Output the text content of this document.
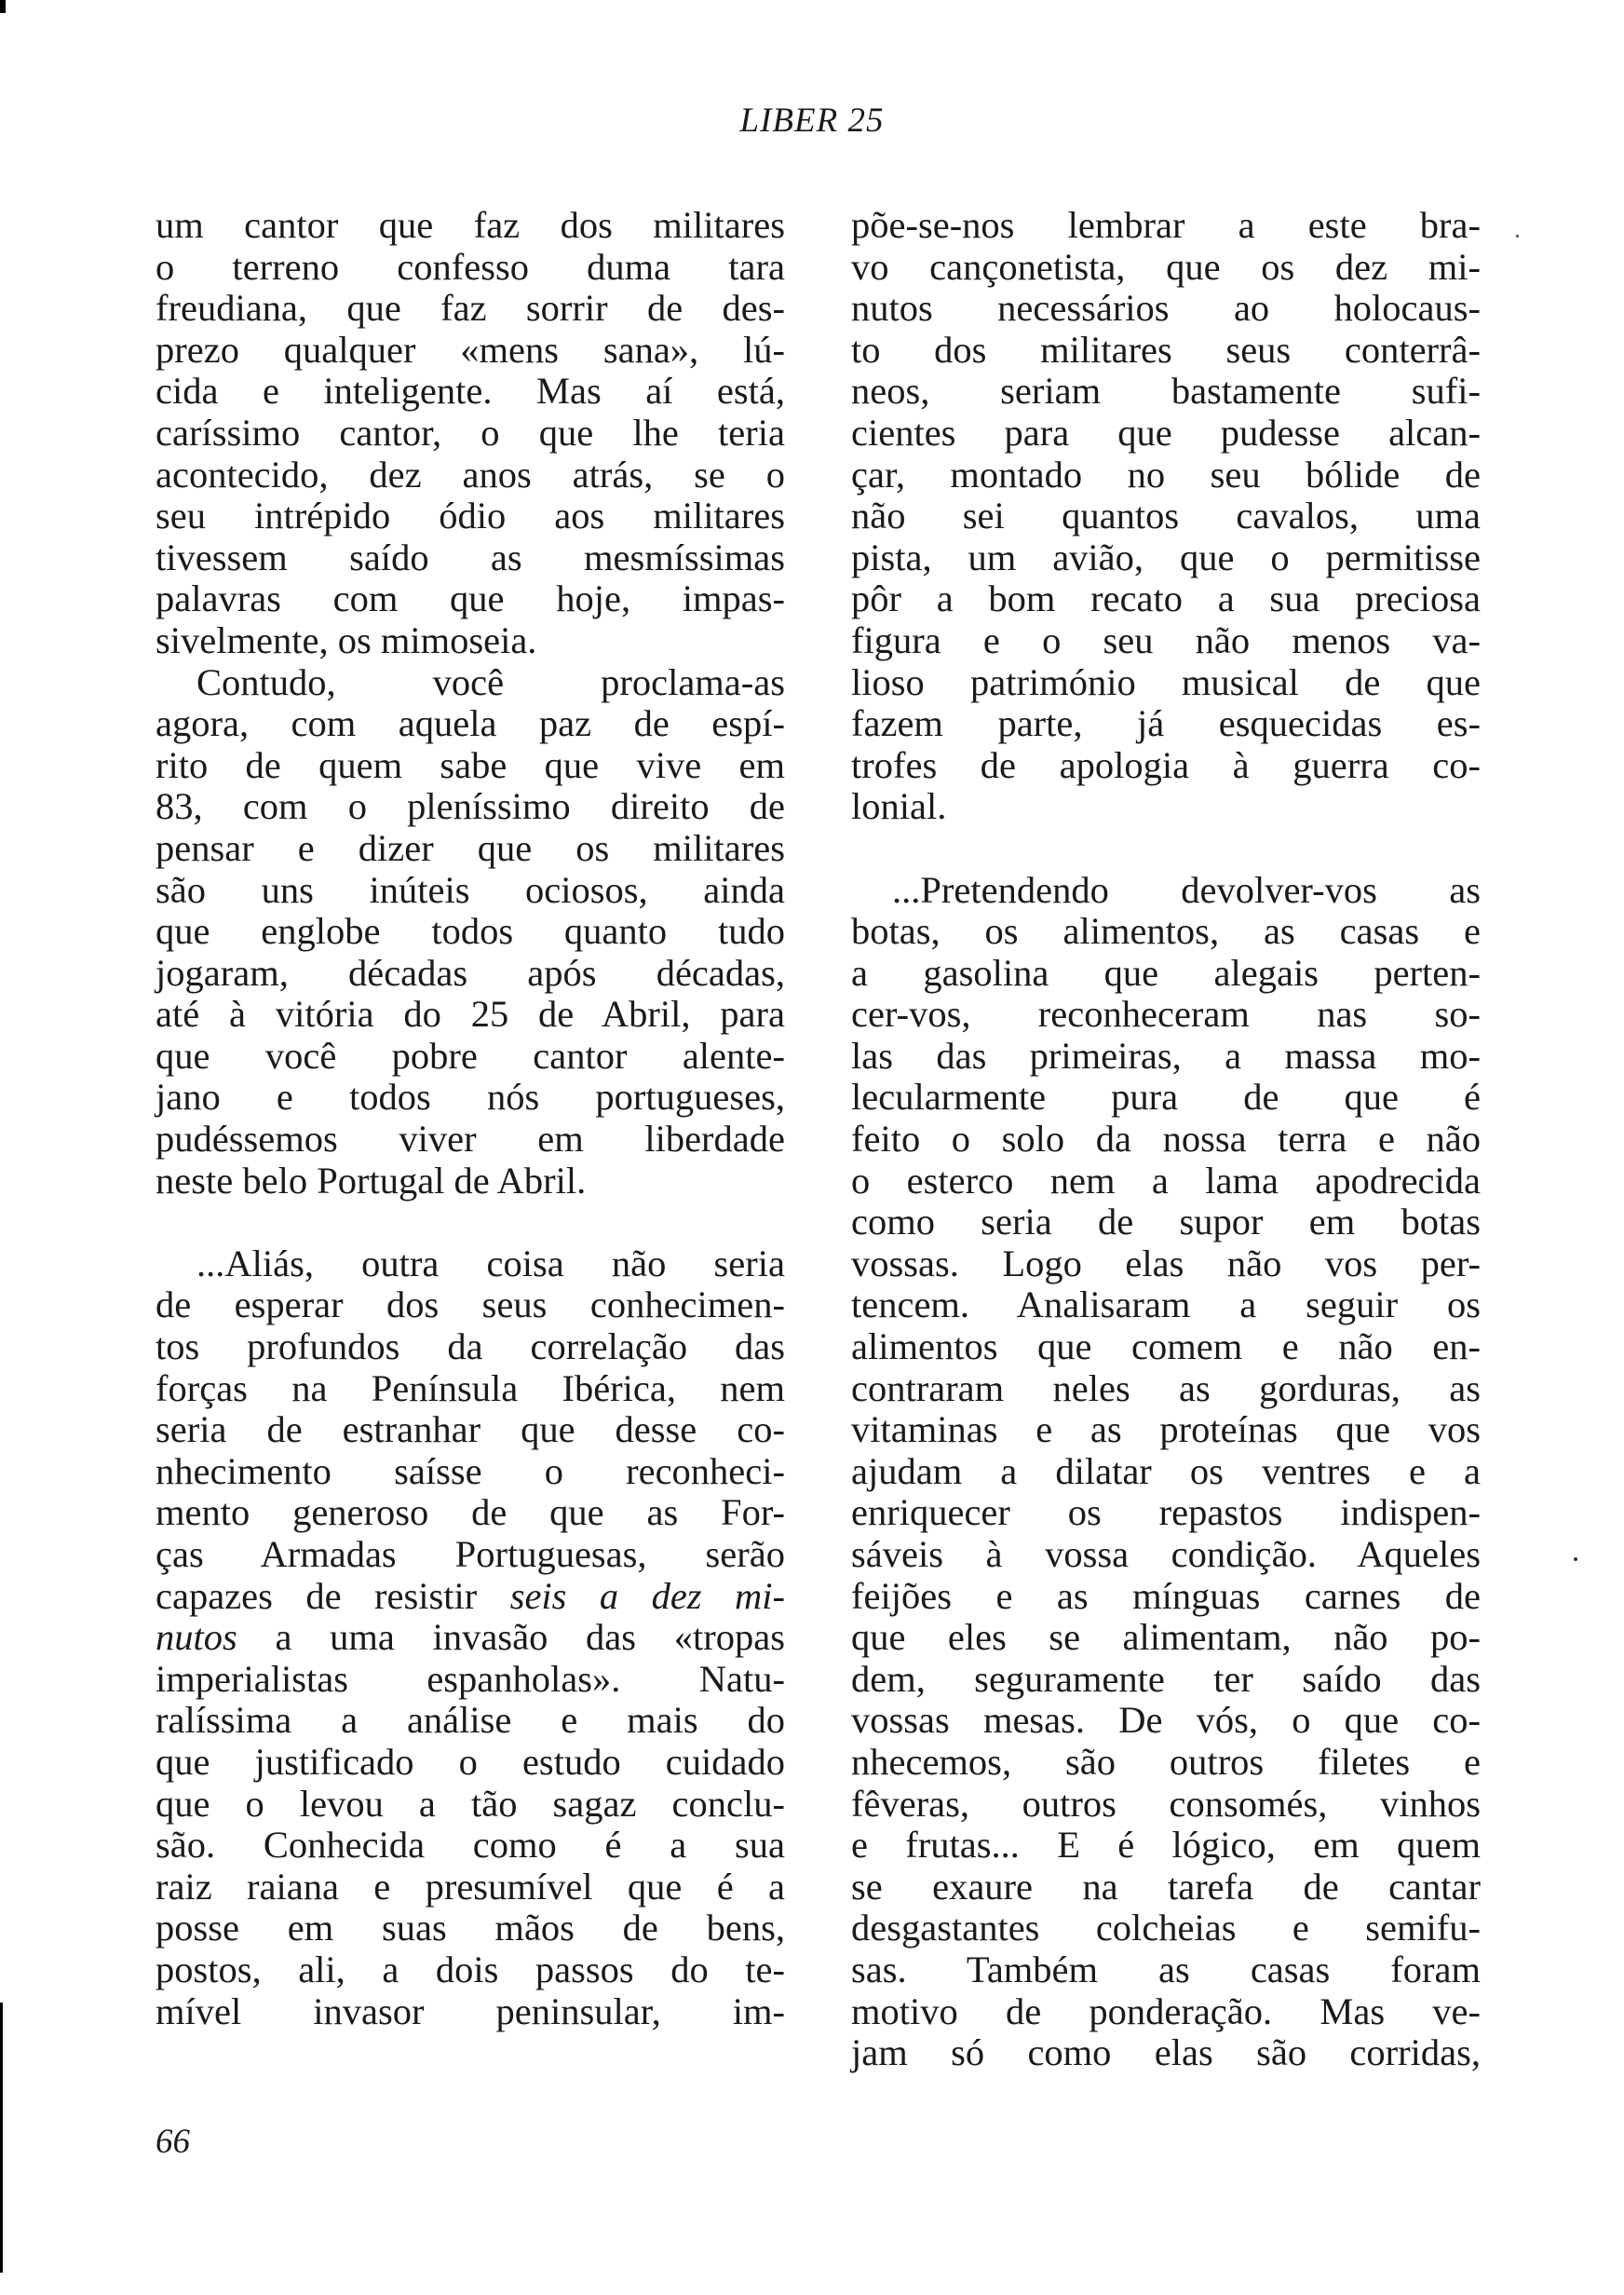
LIBER 25
um cantor que faz dos militares
o terreno confesso duma tara
freudiana, que faz sorrir de des-
prezo qualquer «mens sana», lú-
cida e inteligente. Mas aí está,
caríssimo cantor, o que lhe teria
acontecido, dez anos atrás, se o
seu intrépido ódio aos militares
tivessem saído as mesmíssimas
palavras com que hoje, impas-
sivelmente, os mimoseia.
Contudo, você proclama-as
agora, com aquela paz de espí-
rito de quem sabe que vive em
83, com o pleníssimo direito de
pensar e dizer que os militares
são uns inúteis ociosos, ainda
que englobe todos quanto tudo
jogaram, décadas após décadas,
até à vitória do 25 de Abril, para
que você pobre cantor alente-
jano e todos nós portugueses,
pudéssemos viver em liberdade
neste belo Portugal de Abril.
...Aliás, outra coisa não seria
de esperar dos seus conhecimen-
tos profundos da correlação das
forças na Península Ibérica, nem
seria de estranhar que desse co-
nhecimento saísse o reconheci-
mento generoso de que as For-
ças Armadas Portuguesas, serão
capazes de resistir seis a dez mi-
nutos a uma invasão das «tropas
imperialistas espanholas». Natu-
ralíssima a análise e mais do
que justificado o estudo cuidado
que o levou a tão sagaz conclu-
são. Conhecida como é a sua
raiz raiana e presumível que é a
posse em suas mãos de bens,
postos, ali, a dois passos do te-
mível invasor peninsular, im-
põe-se-nos lembrar a este bra-
vo cançonetista, que os dez mi-
nutos necessários ao holocaus-
to dos militares seus conterrâ-
neos, seriam bastamente sufi-
cientes para que pudesse alcan-
çar, montado no seu bólide de
não sei quantos cavalos, uma
pista, um avião, que o permitisse
pôr a bom recato a sua preciosa
figura e o seu não menos va-
lioso património musical de que
fazem parte, já esquecidas es-
trofes de apologia à guerra co-
lonial.
...Pretendendo devolver-vos as
botas, os alimentos, as casas e
a gasolina que alegais perten-
cer-vos, reconheceram nas so-
las das primeiras, a massa mo-
lecularmente pura de que é
feito o solo da nossa terra e não
o esterco nem a lama apodrecida
como seria de supor em botas
vossas. Logo elas não vos per-
tencem. Analisaram a seguir os
alimentos que comem e não en-
contraram neles as gorduras, as
vitaminas e as proteínas que vos
ajudam a dilatar os ventres e a
enriquecer os repastos indispen-
sáveis à vossa condição. Aqueles
feijões e as mínguas carnes de
que eles se alimentam, não po-
dem, seguramente ter saído das
vossas mesas. De vós, o que co-
nhecemos, são outros filetes e
fêveras, outros consomés, vinhos
e frutas... E é lógico, em quem
se exaure na tarefa de cantar
desgastantes colcheias e semifu-
sas. Também as casas foram
motivo de ponderação. Mas ve-
jam só como elas são corridas,
66
